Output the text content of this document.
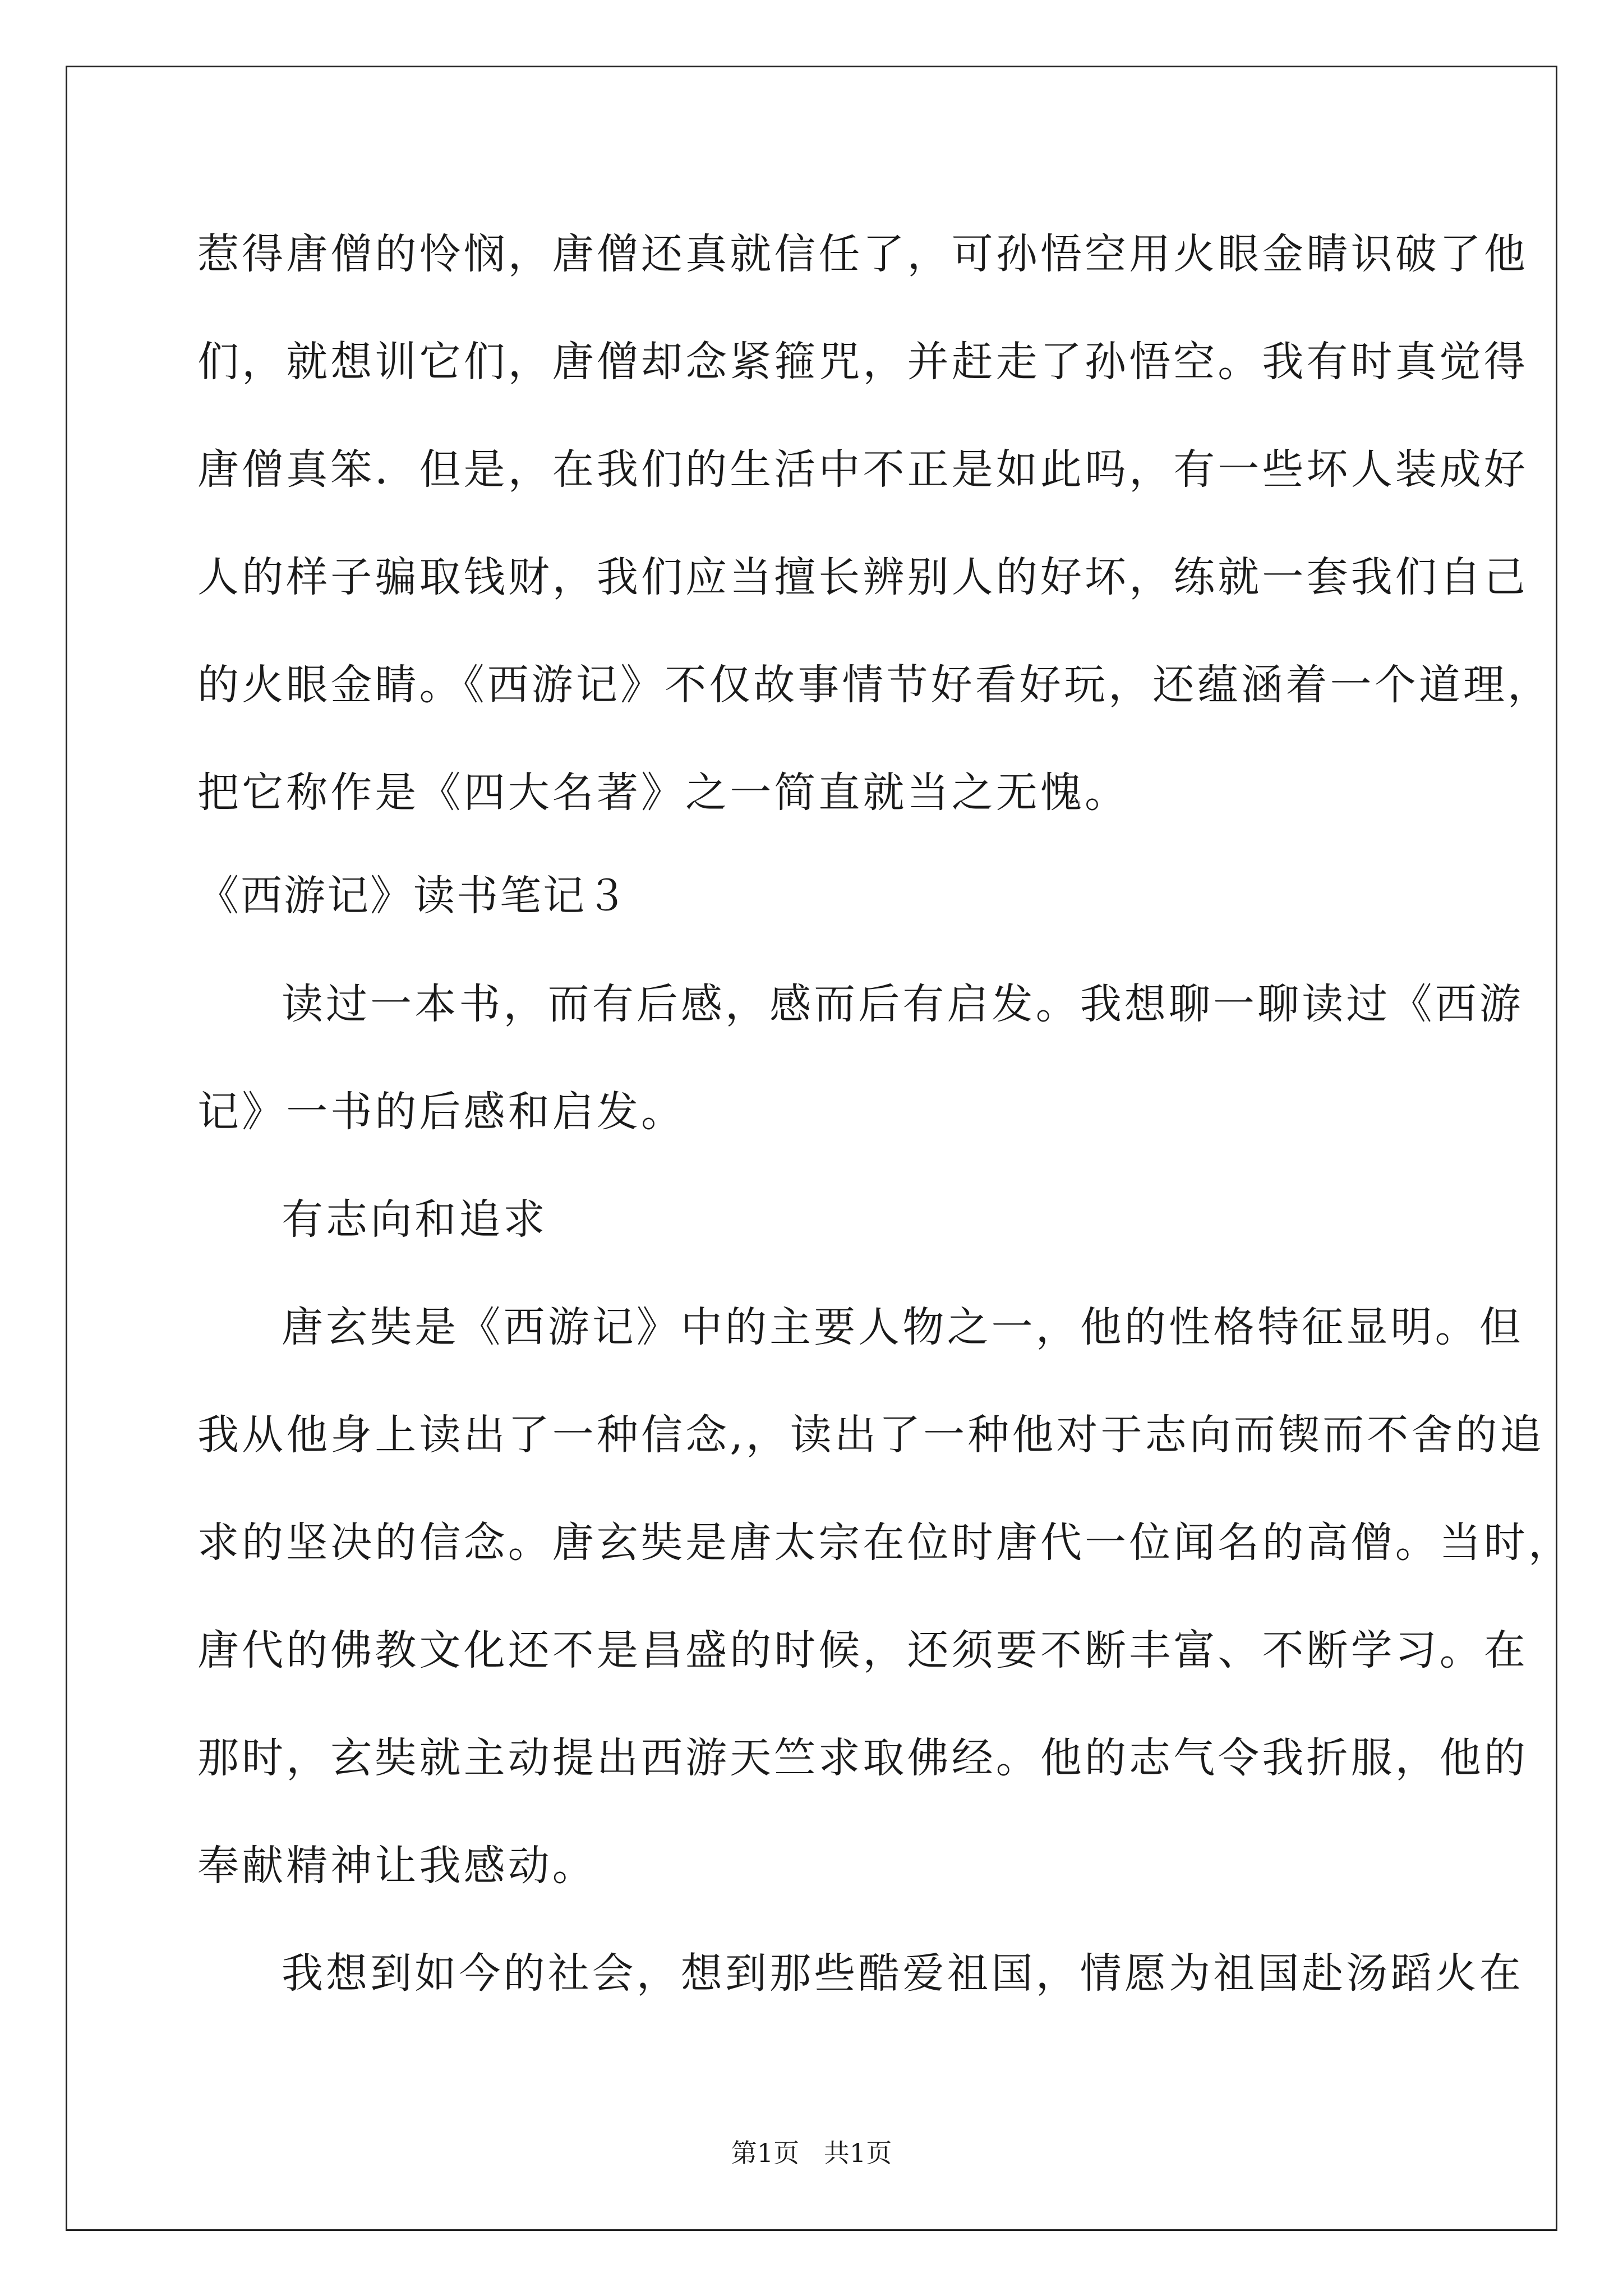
惹得唐僧的怜悯，唐僧还真就信任了，可孙悟空用火眼金睛识破了他
们，就想训它们，唐僧却念紧箍咒，并赶走了孙悟空。我有时真觉得
唐僧真笨．但是，在我们的生活中不正是如此吗，有一些坏人装成好
人的样子骗取钱财，我们应当擅长辨别人的好坏，练就一套我们自己
的火眼金睛。《西游记》不仅故事情节好看好玩，还蕴涵着一个道理，
把它称作是《四大名著》之一简直就当之无愧。
《西游记》读书笔记３
读过一本书，而有后感，感而后有启发。我想聊一聊读过《西游
记》一书的后感和启发。
有志向和追求
唐玄奘是《西游记》中的主要人物之一，他的性格特征显明。但
我从他身上读出了一种信念,，读出了一种他对于志向而锲而不舍的追
求的坚决的信念。唐玄奘是唐太宗在位时唐代一位闻名的高僧。当时，
唐代的佛教文化还不是昌盛的时候，还须要不断丰富、不断学习。在
那时，玄奘就主动提出西游天竺求取佛经。他的志气令我折服，他的
奉献精神让我感动。
我想到如今的社会，想到那些酷爱祖国，情愿为祖国赴汤蹈火在
第1页   共1页
